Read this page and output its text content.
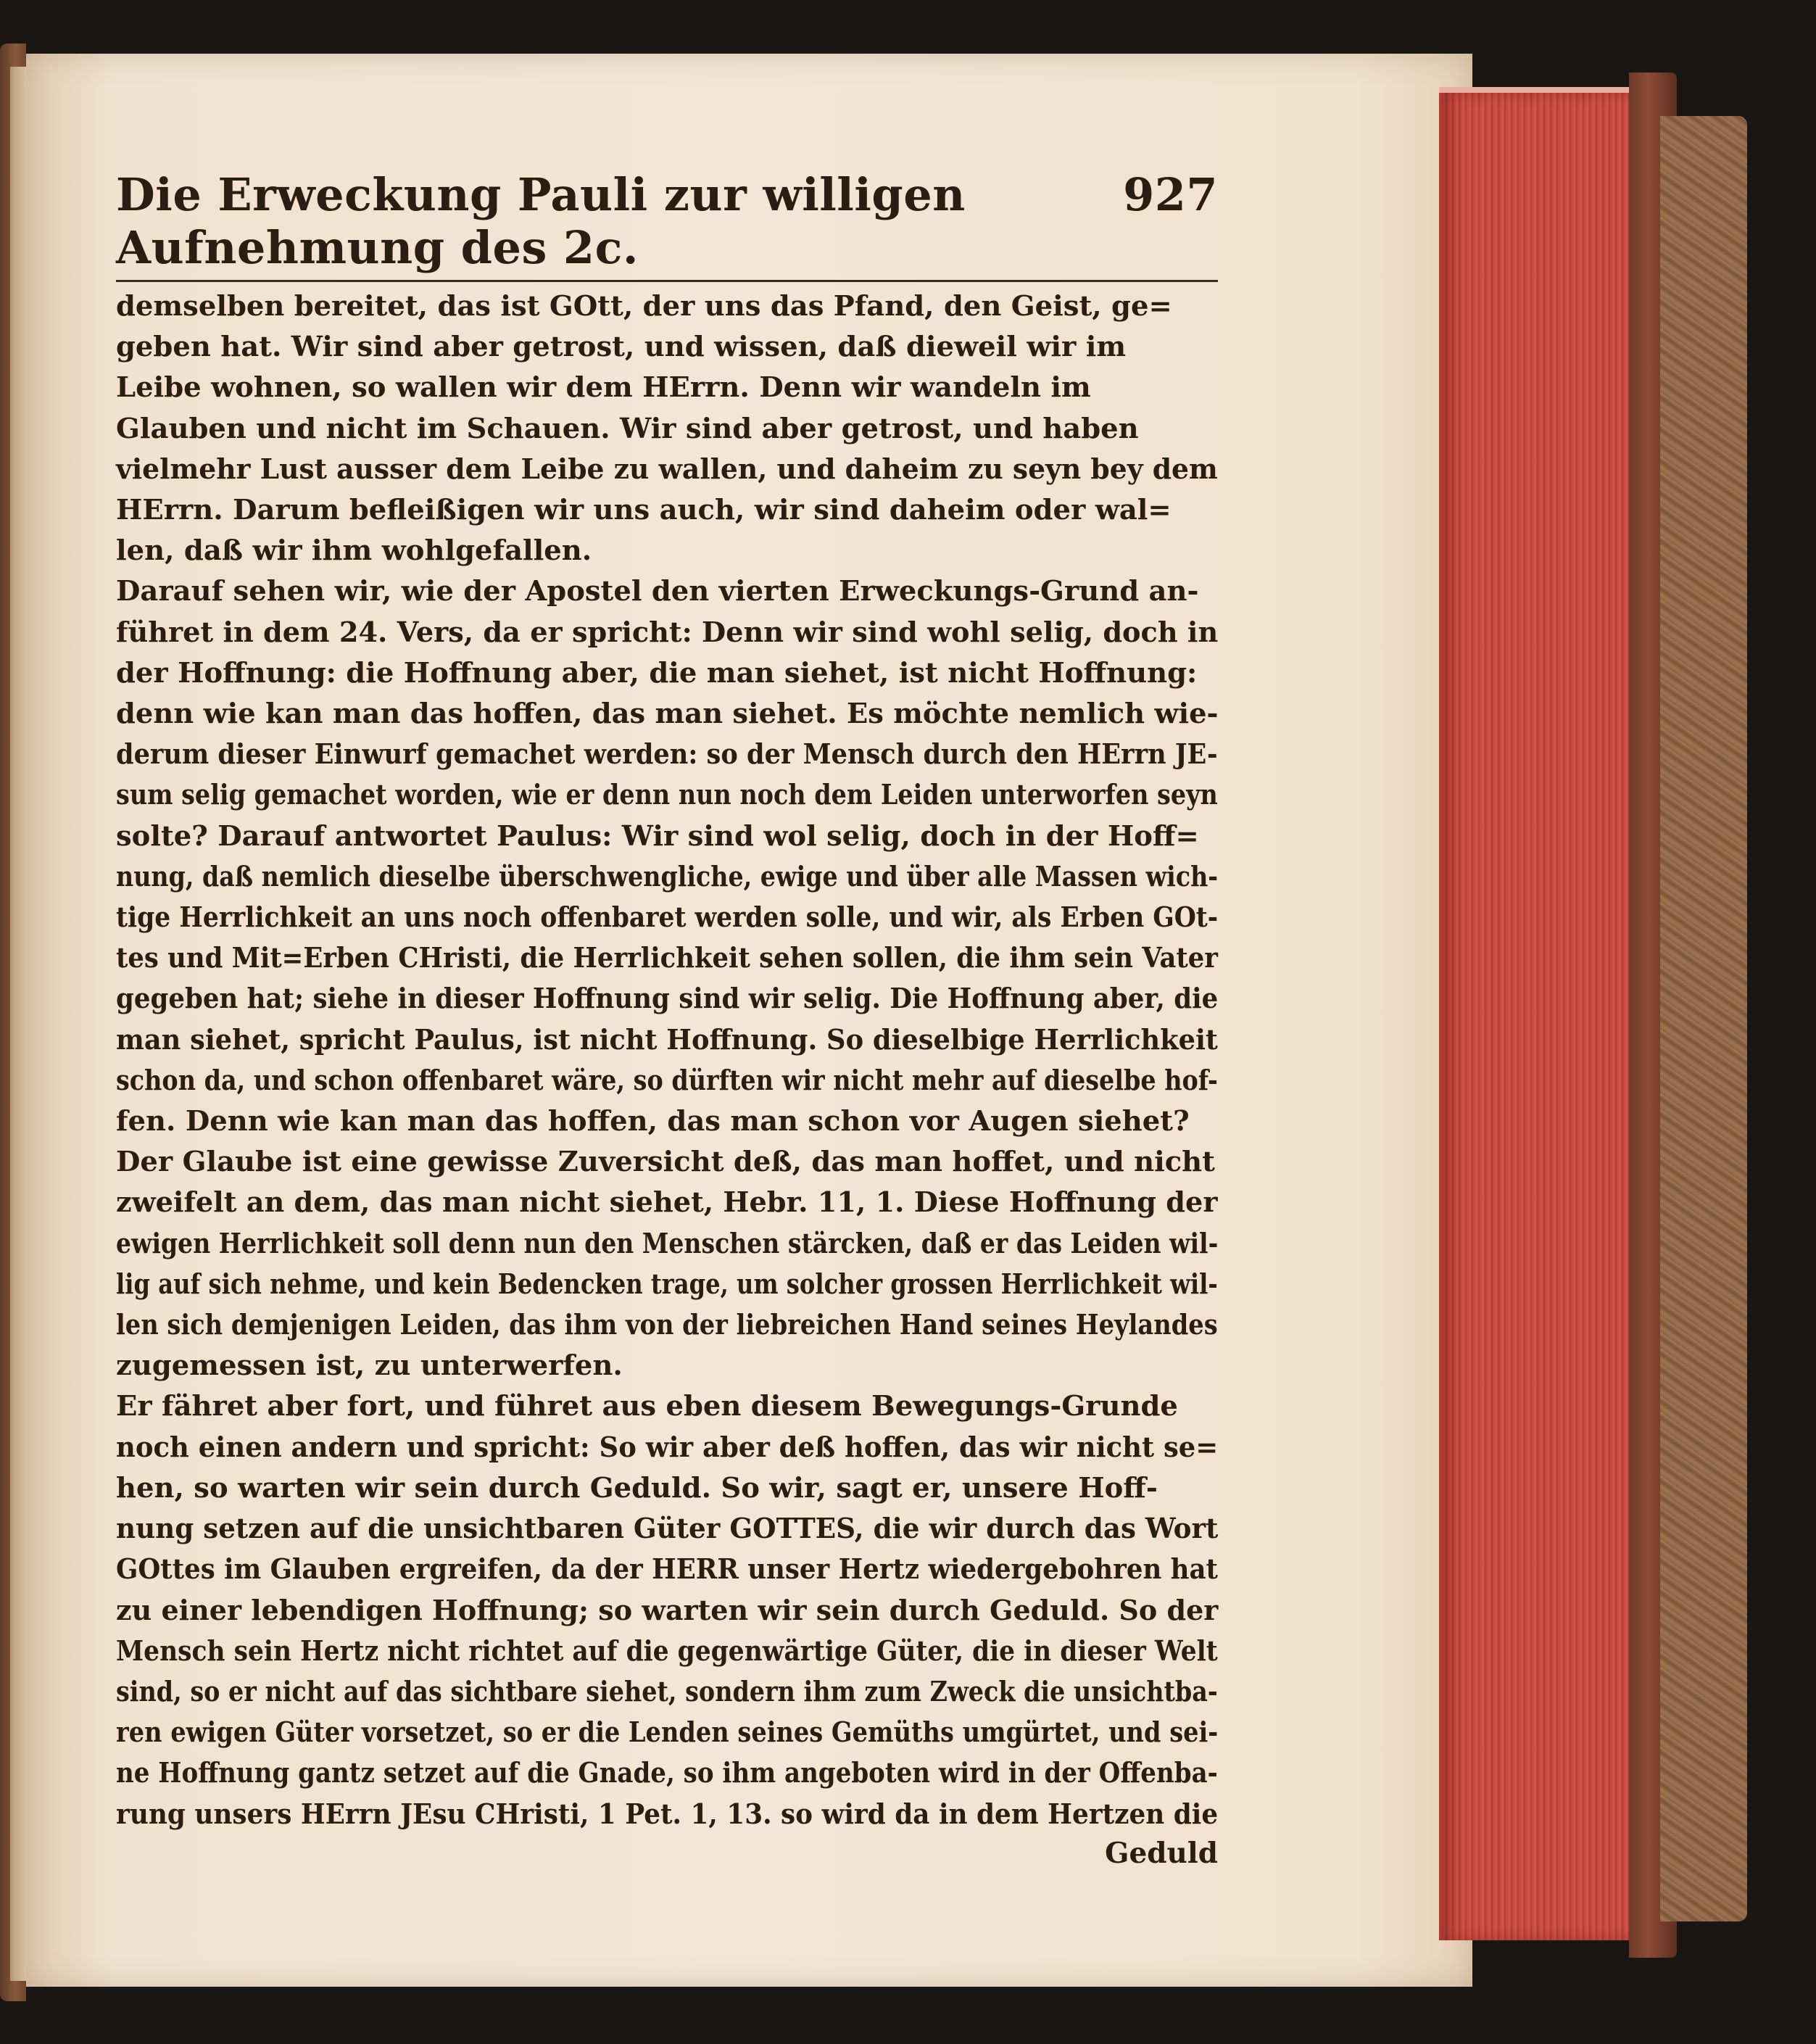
Die Erweckung Pauli zur willigen Aufnehmung des 2c.
927
demselben bereitet, das ist GOtt, der uns das Pfand, den Geist, ge=
geben hat. Wir sind aber getrost, und wissen, daß dieweil wir im
Leibe wohnen, so wallen wir dem HErrn. Denn wir wandeln im
Glauben und nicht im Schauen. Wir sind aber getrost, und haben
vielmehr Lust ausser dem Leibe zu wallen, und daheim zu seyn bey dem
HErrn. Darum befleißigen wir uns auch, wir sind daheim oder wal=
len, daß wir ihm wohlgefallen.
Darauf sehen wir, wie der Apostel den vierten Erweckungs-Grund an-
führet in dem 24. Vers, da er spricht: Denn wir sind wohl selig, doch in
der Hoffnung: die Hoffnung aber, die man siehet, ist nicht Hoffnung:
denn wie kan man das hoffen, das man siehet. Es möchte nemlich wie-
derum dieser Einwurf gemachet werden: so der Mensch durch den HErrn JE-
sum selig gemachet worden, wie er denn nun noch dem Leiden unterworfen seyn
solte? Darauf antwortet Paulus: Wir sind wol selig, doch in der Hoff=
nung, daß nemlich dieselbe überschwengliche, ewige und über alle Massen wich-
tige Herrlichkeit an uns noch offenbaret werden solle, und wir, als Erben GOt-
tes und Mit=Erben CHristi, die Herrlichkeit sehen sollen, die ihm sein Vater
gegeben hat; siehe in dieser Hoffnung sind wir selig. Die Hoffnung aber, die
man siehet, spricht Paulus, ist nicht Hoffnung. So dieselbige Herrlichkeit
schon da, und schon offenbaret wäre, so dürften wir nicht mehr auf dieselbe hof-
fen. Denn wie kan man das hoffen, das man schon vor Augen siehet?
Der Glaube ist eine gewisse Zuversicht deß, das man hoffet, und nicht
zweifelt an dem, das man nicht siehet, Hebr. 11, 1. Diese Hoffnung der
ewigen Herrlichkeit soll denn nun den Menschen stärcken, daß er das Leiden wil-
lig auf sich nehme, und kein Bedencken trage, um solcher grossen Herrlichkeit wil-
len sich demjenigen Leiden, das ihm von der liebreichen Hand seines Heylandes
zugemessen ist, zu unterwerfen.
Er fähret aber fort, und führet aus eben diesem Bewegungs-Grunde
noch einen andern und spricht: So wir aber deß hoffen, das wir nicht se=
hen, so warten wir sein durch Geduld. So wir, sagt er, unsere Hoff-
nung setzen auf die unsichtbaren Güter GOTTES, die wir durch das Wort
GOttes im Glauben ergreifen, da der HERR unser Hertz wiedergebohren hat
zu einer lebendigen Hoffnung; so warten wir sein durch Geduld. So der
Mensch sein Hertz nicht richtet auf die gegenwärtige Güter, die in dieser Welt
sind, so er nicht auf das sichtbare siehet, sondern ihm zum Zweck die unsichtba-
ren ewigen Güter vorsetzet, so er die Lenden seines Gemüths umgürtet, und sei-
ne Hoffnung gantz setzet auf die Gnade, so ihm angeboten wird in der Offenba-
rung unsers HErrn JEsu CHristi, 1 Pet. 1, 13. so wird da in dem Hertzen die
Geduld
